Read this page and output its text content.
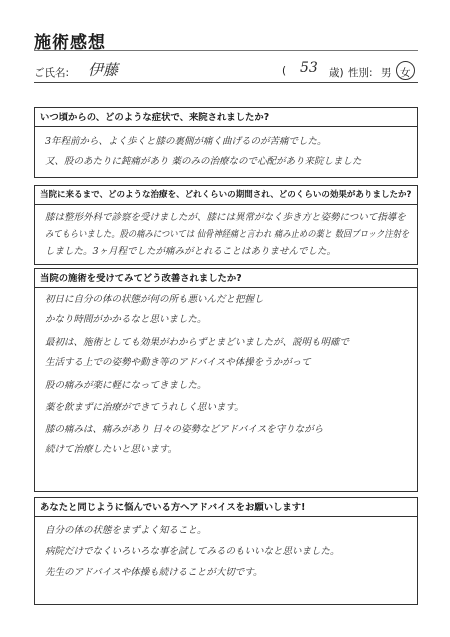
施術感想
ご氏名: 伊藤	( 53 歳) 性別: 男 女
いつ頃からの、どのような症状で、来院されましたか?
3年程前から、よく歩くと膝の裏側が痛く曲げるのが苦痛でした。
又、股のあたりに鈍痛があり 薬のみの治療なので心配があり来院しました
当院に来るまで、どのような治療を、どれくらいの期間され、どのくらいの効果がありましたか?
膝は整形外科で診察を受けましたが、膝には異常がなく歩き方と姿勢について指導を
みてもらいました。股の痛みについては 仙骨神経痛と言われ 痛み止めの薬と 数回ブロック注射を
しました。3ヶ月程でしたが痛みがとれることはありませんでした。
当院の施術を受けてみてどう改善されましたか?
初日に自分の体の状態が何の所も悪いんだと把握し
かなり時間がかかるなと思いました。
最初は、施術としても効果がわからずとまどいましたが、説明も明確で
生活する上での姿勢や動き等のアドバイスや体操をうかがって
股の痛みが楽に軽になってきました。
薬を飲まずに治療ができてうれしく思います。
膝の痛みは、痛みがあり 日々の姿勢などアドバイスを守りながら
続けて治療したいと思います。
あなたと同じように悩んでいる方へアドバイスをお願いします!
自分の体の状態をまずよく知ること。
病院だけでなくいろいろな事を試してみるのもいいなと思いました。
先生のアドバイスや体操も続けることが大切です。
